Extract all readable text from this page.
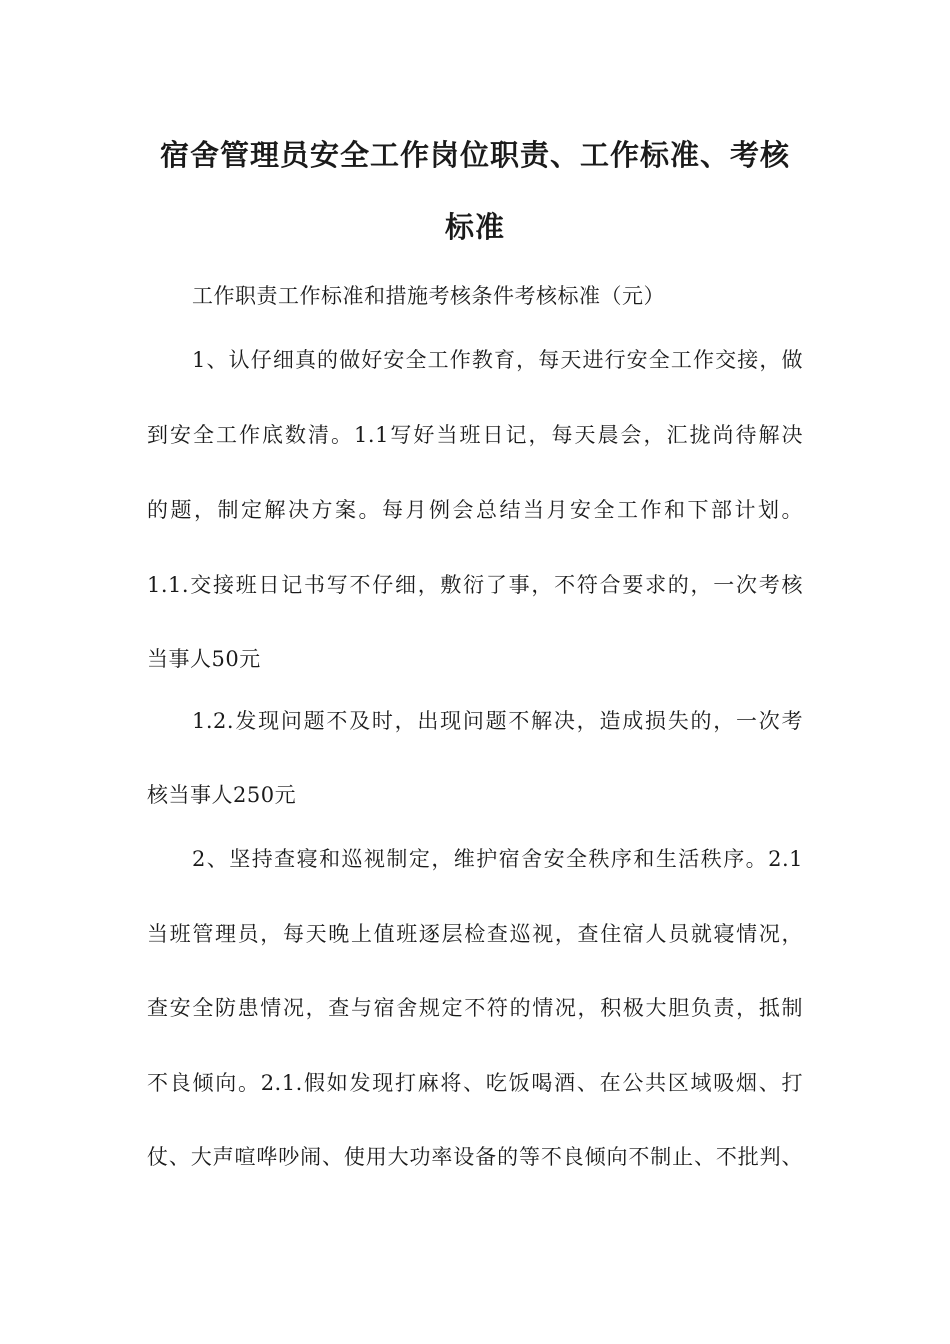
宿舍管理员安全工作岗位职责、工作标准、考核
标准

工作职责工作标准和措施考核条件考核标准（元）

1、认仔细真的做好安全工作教育，每天进行安全工作交接，做

到安全工作底数清。1.1写好当班日记，每天晨会，汇拢尚待解决

的题，制定解决方案。每月例会总结当月安全工作和下部计划。

1.1.交接班日记书写不仔细，敷衍了事，不符合要求的，一次考核

当事人50元

1.2.发现问题不及时，出现问题不解决，造成损失的，一次考

核当事人250元

2、坚持查寝和巡视制定，维护宿舍安全秩序和生活秩序。2.1

当班管理员，每天晚上值班逐层检查巡视，查住宿人员就寝情况，

查安全防患情况，查与宿舍规定不符的情况，积极大胆负责，抵制

不良倾向。2.1.假如发现打麻将、吃饭喝酒、在公共区域吸烟、打

仗、大声喧哗吵闹、使用大功率设备的等不良倾向不制止、不批判、
